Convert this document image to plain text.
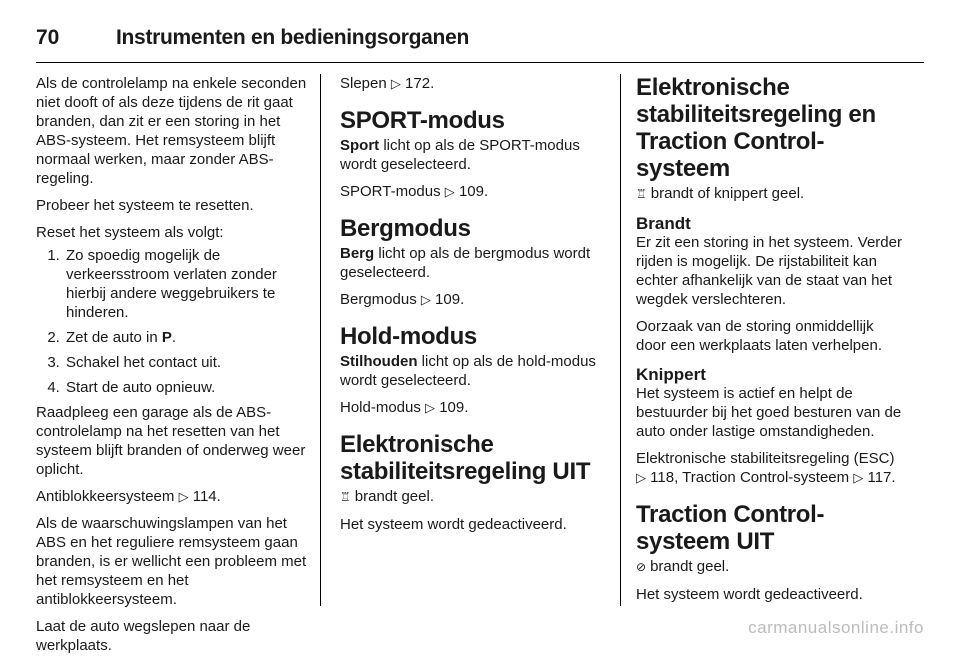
70	Instrumenten en bedieningsorganen

Als de controlelamp na enkele seconden niet dooft of als deze tijdens de rit gaat branden, dan zit er een storing in het ABS-systeem. Het remsysteem blijft normaal werken, maar zonder ABS-regeling.

Probeer het systeem te resetten.

Reset het systeem als volgt:

1. Zo spoedig mogelijk de verkeersstroom verlaten zonder hierbij andere weggebruikers te hinderen.
2. Zet de auto in P.
3. Schakel het contact uit.
4. Start de auto opnieuw.

Raadpleeg een garage als de ABS-controlelamp na het resetten van het systeem blijft branden of onderweg weer oplicht.

Antiblokkeersysteem ▷ 114.

Als de waarschuwingslampen van het ABS en het reguliere remsysteem gaan branden, is er wellicht een probleem met het remsysteem en het antiblokkeersysteem.

Laat de auto wegslepen naar de werkplaats.

Slepen ▷ 172.

SPORT-modus

Sport licht op als de SPORT-modus wordt geselecteerd.

SPORT-modus ▷ 109.

Bergmodus

Berg licht op als de bergmodus wordt geselecteerd.

Bergmodus ▷ 109.

Hold-modus

Stilhouden licht op als de hold-modus wordt geselecteerd.

Hold-modus ▷ 109.

Elektronische stabiliteitsregeling UIT

♖ brandt geel.

Het systeem wordt gedeactiveerd.

Elektronische stabiliteitsregeling en Traction Control-systeem

♖ brandt of knippert geel.

Brandt

Er zit een storing in het systeem. Verder rijden is mogelijk. De rijstabiliteit kan echter afhankelijk van de staat van het wegdek verslechteren.

Oorzaak van de storing onmiddellijk door een werkplaats laten verhelpen.

Knippert

Het systeem is actief en helpt de bestuurder bij het goed besturen van de auto onder lastige omstandigheden.

Elektronische stabiliteitsregeling (ESC) ▷ 118, Traction Control-systeem ▷ 117.

Traction Control-systeem UIT

⊘ brandt geel.

Het systeem wordt gedeactiveerd.

carmanualsonline.info
